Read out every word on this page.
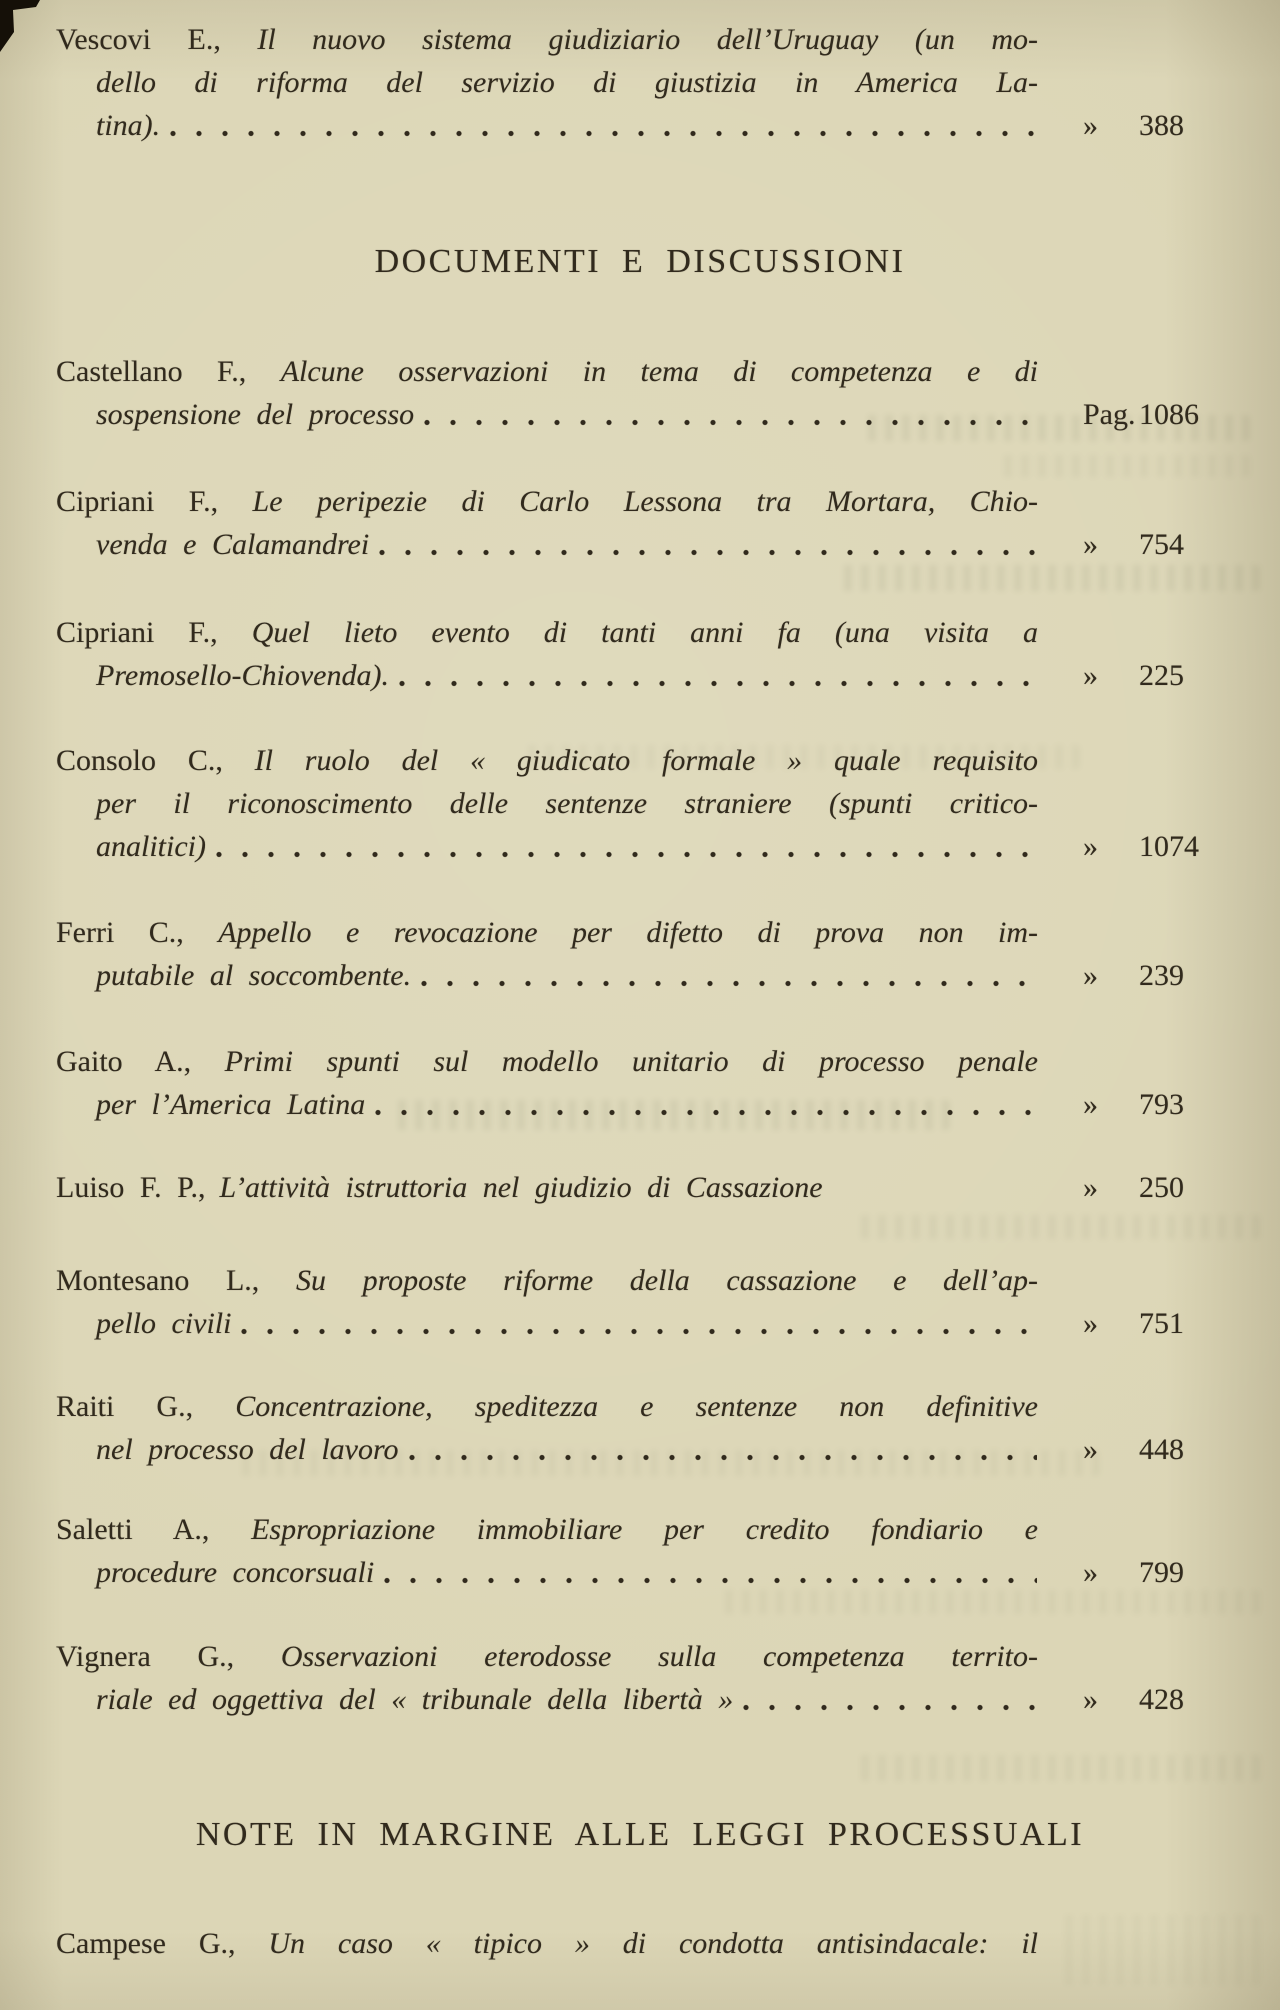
Vescovi E., Il nuovo sistema giudiziario dell’Uruguay (un mo-
dello di riforma del servizio di giustizia in America La-
tina).	»	388
DOCUMENTI E DISCUSSIONI
Castellano F., Alcune osservazioni in tema di competenza e di
sospensione del processo	Pag. 1086
Cipriani F., Le peripezie di Carlo Lessona tra Mortara, Chio-
venda e Calamandrei	»	754
Cipriani F., Quel lieto evento di tanti anni fa (una visita a
Premosello-Chiovenda).	»	225
Consolo C., Il ruolo del « giudicato formale » quale requisito
per il riconoscimento delle sentenze straniere (spunti critico-
analitici)	»	1074
Ferri C., Appello e revocazione per difetto di prova non im-
putabile al soccombente.	»	239
Gaito A., Primi spunti sul modello unitario di processo penale
per l’America Latina	»	793
Luiso F. P., L’attività istruttoria nel giudizio di Cassazione	»	250
Montesano L., Su proposte riforme della cassazione e dell’ap-
pello civili	»	751
Raiti G., Concentrazione, speditezza e sentenze non definitive
nel processo del lavoro	»	448
Saletti A., Espropriazione immobiliare per credito fondiario e
procedure concorsuali	»	799
Vignera G., Osservazioni eterodosse sulla competenza territo-
riale ed oggettiva del « tribunale della libertà »	»	428
NOTE IN MARGINE ALLE LEGGI PROCESSUALI
Campese G., Un caso « tipico » di condotta antisindacale: il
